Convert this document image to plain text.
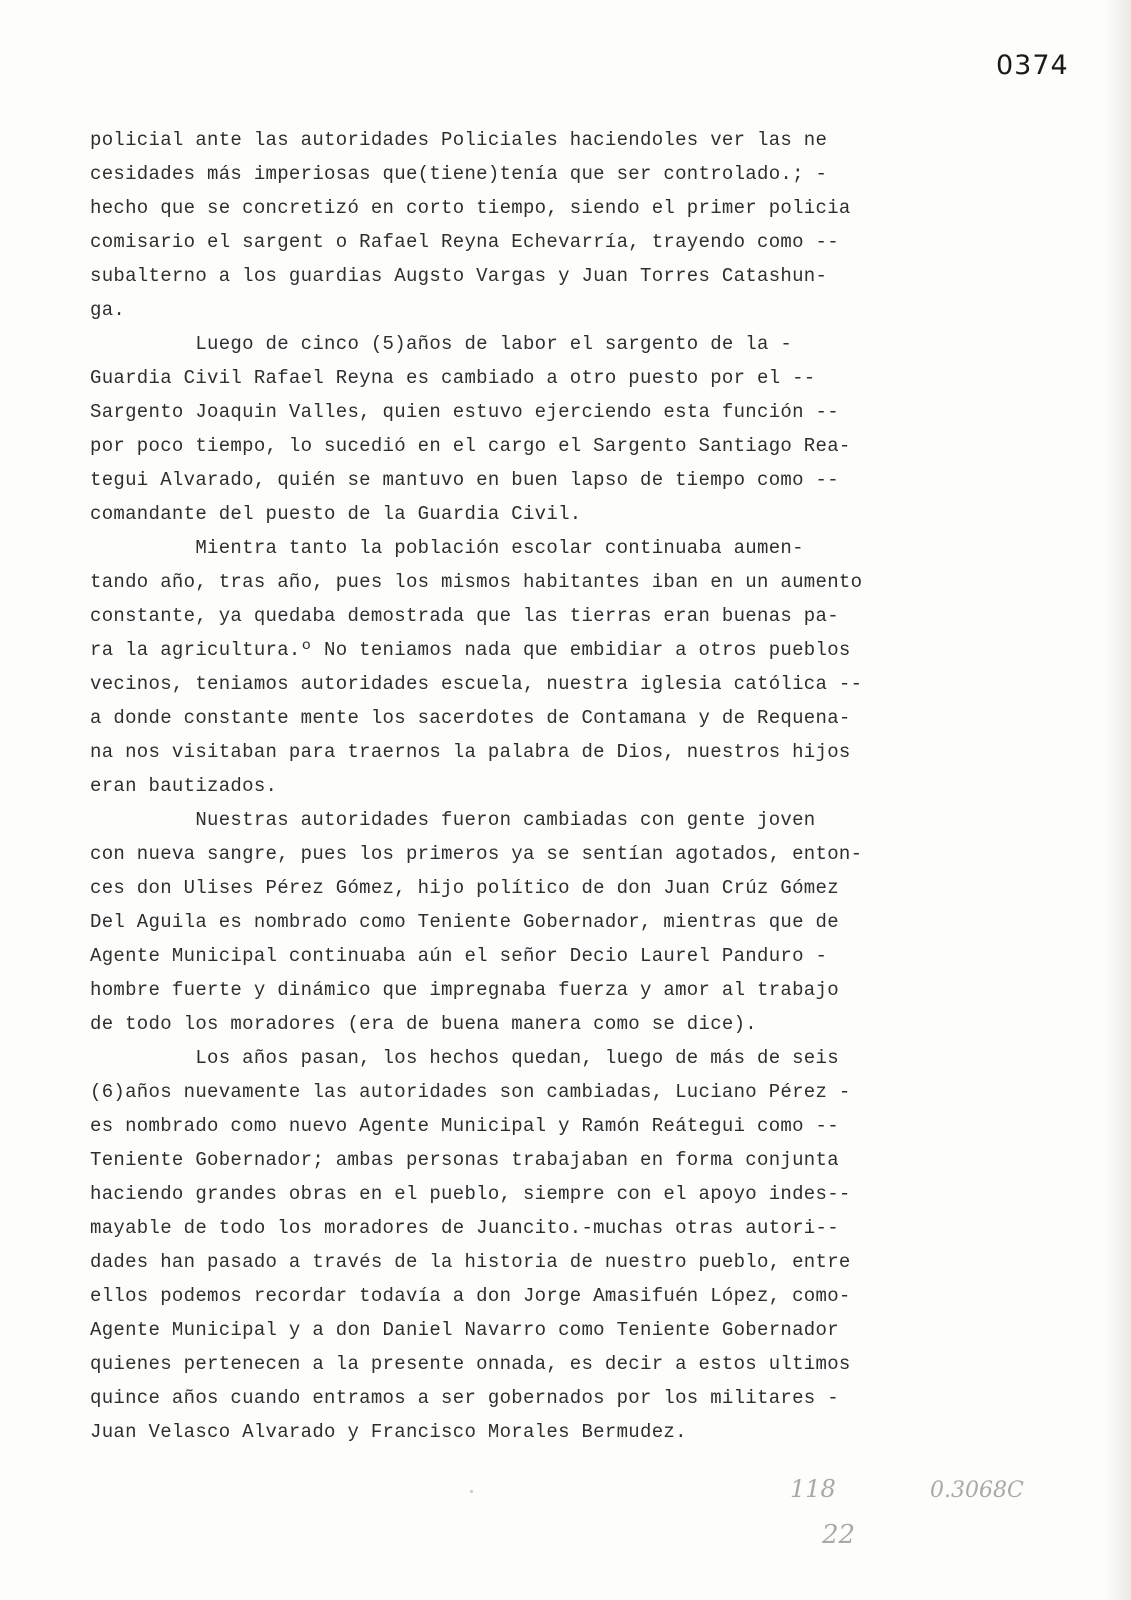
0374
policial ante las autoridades Policiales haciendoles ver las ne
cesidades más imperiosas que(tiene)tenía que ser controlado.; -
hecho que se concretizó en corto tiempo, siendo el primer policia
comisario el sargent o Rafael Reyna Echevarría, trayendo como --
subalterno a los guardias Augsto Vargas y Juan Torres Catashun-
ga.
Luego de cinco (5)años de labor el sargento de la -
Guardia Civil Rafael Reyna es cambiado a otro puesto por el --
Sargento Joaquin Valles, quien estuvo ejerciendo esta función --
por poco tiempo, lo sucedió en el cargo el Sargento Santiago Rea-
tegui Alvarado, quién se mantuvo en buen lapso de tiempo como --
comandante del puesto de la Guardia Civil.
Mientra tanto la población escolar continuaba aumen-
tando año, tras año, pues los mismos habitantes iban en un aumento
constante, ya quedaba demostrada que las tierras eran buenas pa-
ra la agricultura.º No teniamos nada que embidiar a otros pueblos
vecinos, teniamos autoridades escuela, nuestra iglesia católica --
a donde constante mente los sacerdotes de Contamana y de Requena-
na nos visitaban para traernos la palabra de Dios, nuestros hijos
eran bautizados.
Nuestras autoridades fueron cambiadas con gente joven
con nueva sangre, pues los primeros ya se sentían agotados, enton-
ces don Ulises Pérez Gómez, hijo político de don Juan Crúz Gómez
Del Aguila es nombrado como Teniente Gobernador, mientras que de
Agente Municipal continuaba aún el señor Decio Laurel Panduro -
hombre fuerte y dinámico que impregnaba fuerza y amor al trabajo
de todo los moradores (era de buena manera como se dice).
Los años pasan, los hechos quedan, luego de más de seis
(6)años nuevamente las autoridades son cambiadas, Luciano Pérez -
es nombrado como nuevo Agente Municipal y Ramón Reátegui como --
Teniente Gobernador; ambas personas trabajaban en forma conjunta
haciendo grandes obras en el pueblo, siempre con el apoyo indes--
mayable de todo los moradores de Juancito.-muchas otras autori--
dades han pasado a través de la historia de nuestro pueblo, entre
ellos podemos recordar todavía a don Jorge Amasifuén López, como-
Agente Municipal y a don Daniel Navarro como Teniente Gobernador
quienes pertenecen a la presente onnada, es decir a estos ultimos
quince años cuando entramos a ser gobernados por los militares -
Juan Velasco Alvarado y Francisco Morales Bermudez.
118	0.3068C
22
